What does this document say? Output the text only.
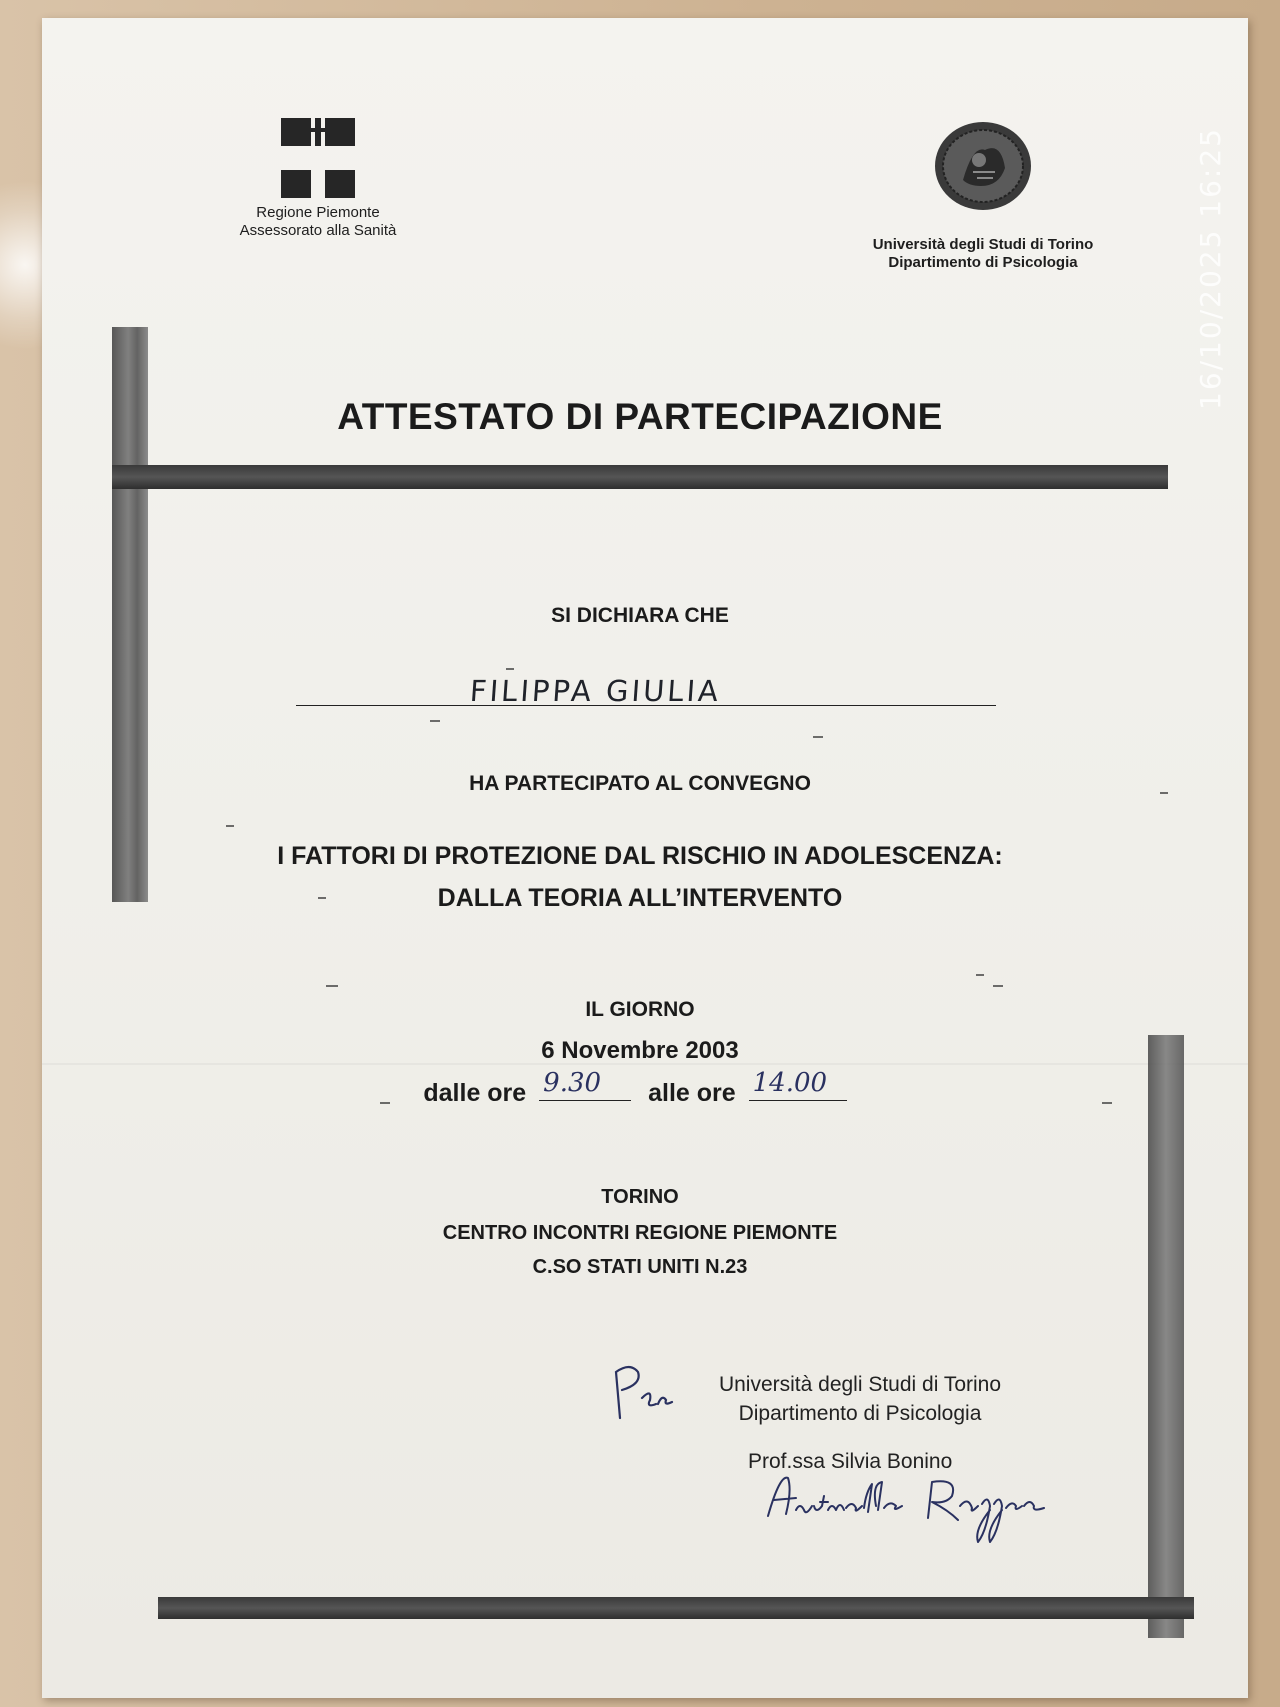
Regione Piemonte
Assessorato alla Sanità
Università degli Studi di Torino
Dipartimento di Psicologia
ATTESTATO DI PARTECIPAZIONE
SI DICHIARA CHE
FILIPPA GIULIA
HA PARTECIPATO AL CONVEGNO
I FATTORI DI PROTEZIONE DAL RISCHIO IN ADOLESCENZA:
DALLA TEORIA ALL’INTERVENTO
IL GIORNO
6 Novembre 2003
dalle ore 9.30 alle ore 14.00
TORINO
CENTRO INCONTRI REGIONE PIEMONTE
C.SO STATI UNITI N.23
Università degli Studi di Torino
Dipartimento di Psicologia
Prof.ssa Silvia Bonino
16/10/2025 16:25
